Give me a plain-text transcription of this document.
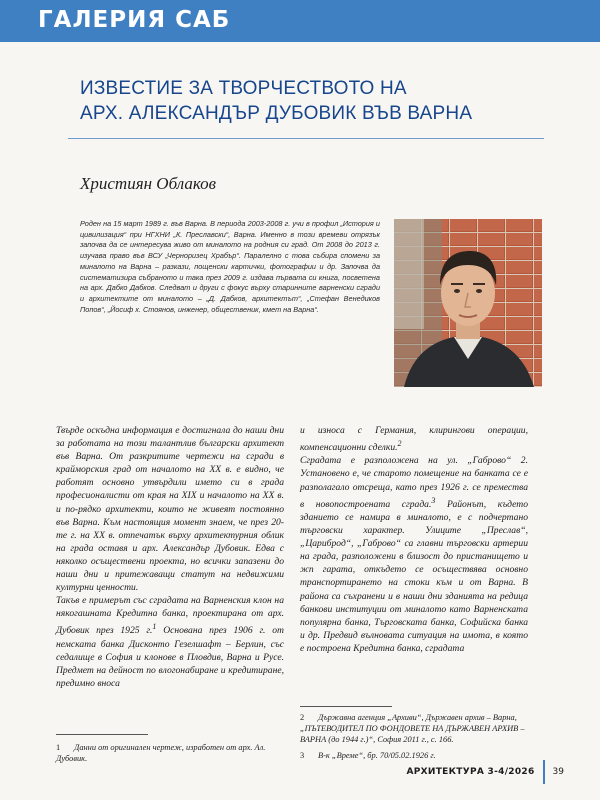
ГАЛЕРИЯ САБ
ИЗВЕСТИЕ ЗА ТВОРЧЕСТВОТО НА
АРХ. АЛЕКСАНДЪР ДУБОВИК ВЪВ ВАРНА
Християн Облаков
Роден на 15 март 1989 г. във Варна. В периода 2003-2008 г. учи в профил „История и цивилизация“ при НГХНИ „К. Преславски“, Варна. Именно в този времеви отрязък започва да се интересува живо от миналото на родния си град. От 2008 до 2013 г. изучава право във ВСУ „Черноризец Храбър“. Паралелно с това събира спомени за миналото на Варна – разкази, пощенски картички, фотографии и др. Започва да систематизира събраното и така през 2009 г. издава първата си книга, посветена на арх. Дабко Дабков. Следват и други с фокус върху старинните варненски сгради и архитектите от миналото – „Д. Дабков, архитектът“, „Стефан Венедиков Попов“, „Йосиф х. Стоянов, инженер, общественик, кмет на Варна“.

Твърде оскъдна информация е достигнала до наши дни за работата на този талантлив български архитект във Варна. От разкритите чертежи на сгради в крайморския град от началото на ХХ в. е видно, че работят основно утвърдили името си в града професионалисти от края на ХІХ и началото на ХХ в. и по-рядко архитекти, които не живеят постоянно във Варна. Към настоящия момент знаем, че през 20-те г. на ХХ в. отпечатък върху архитектурния облик на града оставя и арх. Александър Дубовик. Едва с няколко осъществени проекта, но всички запазени до наши дни и притежаващи статут на недвижими културни ценности.

Такъв е примерът със сградата на Варненския клон на някогашната Кредитна банка, проектирана от арх. Дубовик през 1925 г.$^1$ Основана през 1906 г. от немската банка Дисконто Гезелшафт – Берлин, със седалище в София и клонове в Пловдив, Варна и Русе. Предмет на дейност по влогонабиране и кредитиране, предимно вноса

и износа с Германия, клирингови операции, компенсационни сделки.$^2$

Сградата е разположена на ул. „Габрово“ 2. Установено е, че старото помещение на банката се е разполагало отсреща, като през 1926 г. се премества в новопостроената сграда.$^3$ Районът, където зданието се намира в миналото, е с подчертано търговски характер. Улиците „Преслав“, „Цариброд“, „Габрово“ са главни търговски артерии на града, разположени в близост до пристанището и жп гарата, откъдето се осъществява основно транспортирането на стоки към и от Варна. В района са съхранени и в наши дни зданията на редица банкови институции от миналото като Варненската популярна банка, Търговската банка, Софийска банка и др. Предвид вълновата ситуация на имота, в която е построена Кредитна банка, сградата

1 Данни от оригинален чертеж, изработен от арх. Ал. Дубовик.
2 Държавна агенция „Архиви“, Държавен архив – Варна, „ПЪТЕВОДИТЕЛ ПО ФОНДОВЕТЕ НА ДЪРЖАВЕН АРХИВ – ВАРНА (до 1944 г.)“, София 2011 г., с. 166.
3 В-к „Време“, бр. 70/05.02.1926 г.
АРХИТЕКТУРА 3-4/2026 39
